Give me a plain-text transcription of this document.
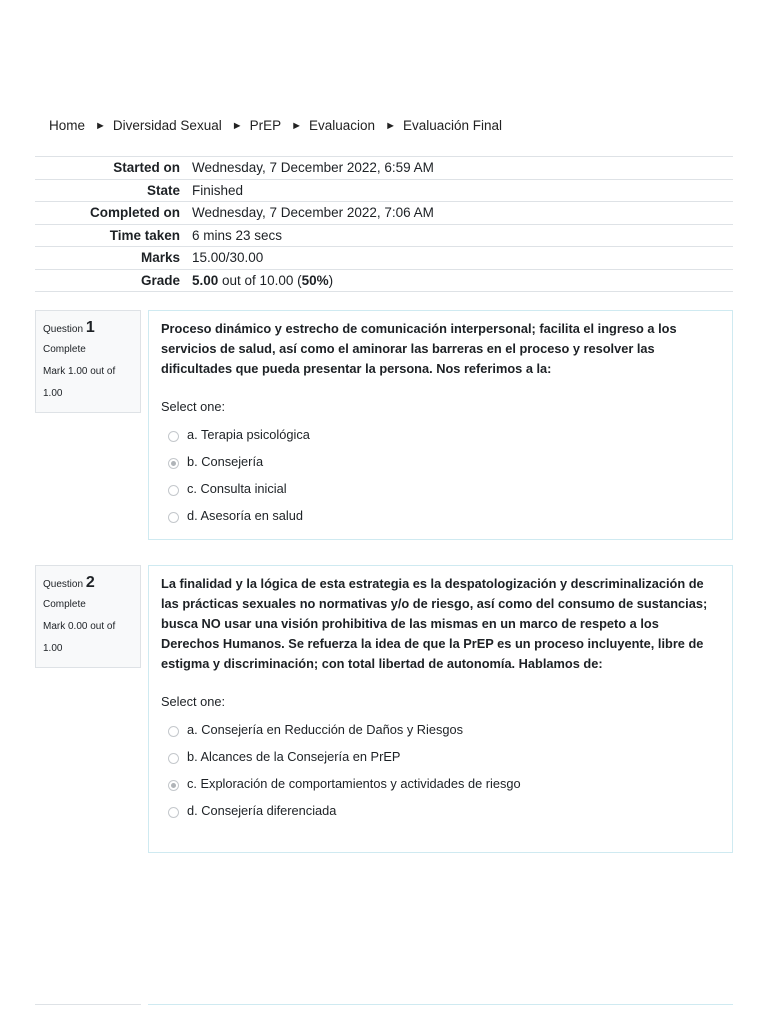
Home ► Diversidad Sexual ► PrEP ► Evaluacion ► Evaluación Final
Started on	Wednesday, 7 December 2022, 6:59 AM
State	Finished
Completed on	Wednesday, 7 December 2022, 7:06 AM
Time taken	6 mins 23 secs
Marks	15.00/30.00
Grade	5.00 out of 10.00 (50%)
Question 1
Complete
Mark 1.00 out of 1.00
Proceso dinámico y estrecho de comunicación interpersonal; facilita el ingreso a los servicios de salud, así como el aminorar las barreras en el proceso y resolver las dificultades que pueda presentar la persona. Nos referimos a la:
Select one:
a. Terapia psicológica
b. Consejería
c. Consulta inicial
d. Asesoría en salud
Question 2
Complete
Mark 0.00 out of 1.00
La finalidad y la lógica de esta estrategia es la despatologización y descriminalización de las prácticas sexuales no normativas y/o de riesgo, así como del consumo de sustancias; busca NO usar una visión prohibitiva de las mismas en un marco de respeto a los Derechos Humanos. Se refuerza la idea de que la PrEP es un proceso incluyente, libre de estigma y discriminación; con total libertad de autonomía. Hablamos de:
Select one:
a. Consejería en Reducción de Daños y Riesgos
b. Alcances de la Consejería en PrEP
c. Exploración de comportamientos y actividades de riesgo
d. Consejería diferenciada
